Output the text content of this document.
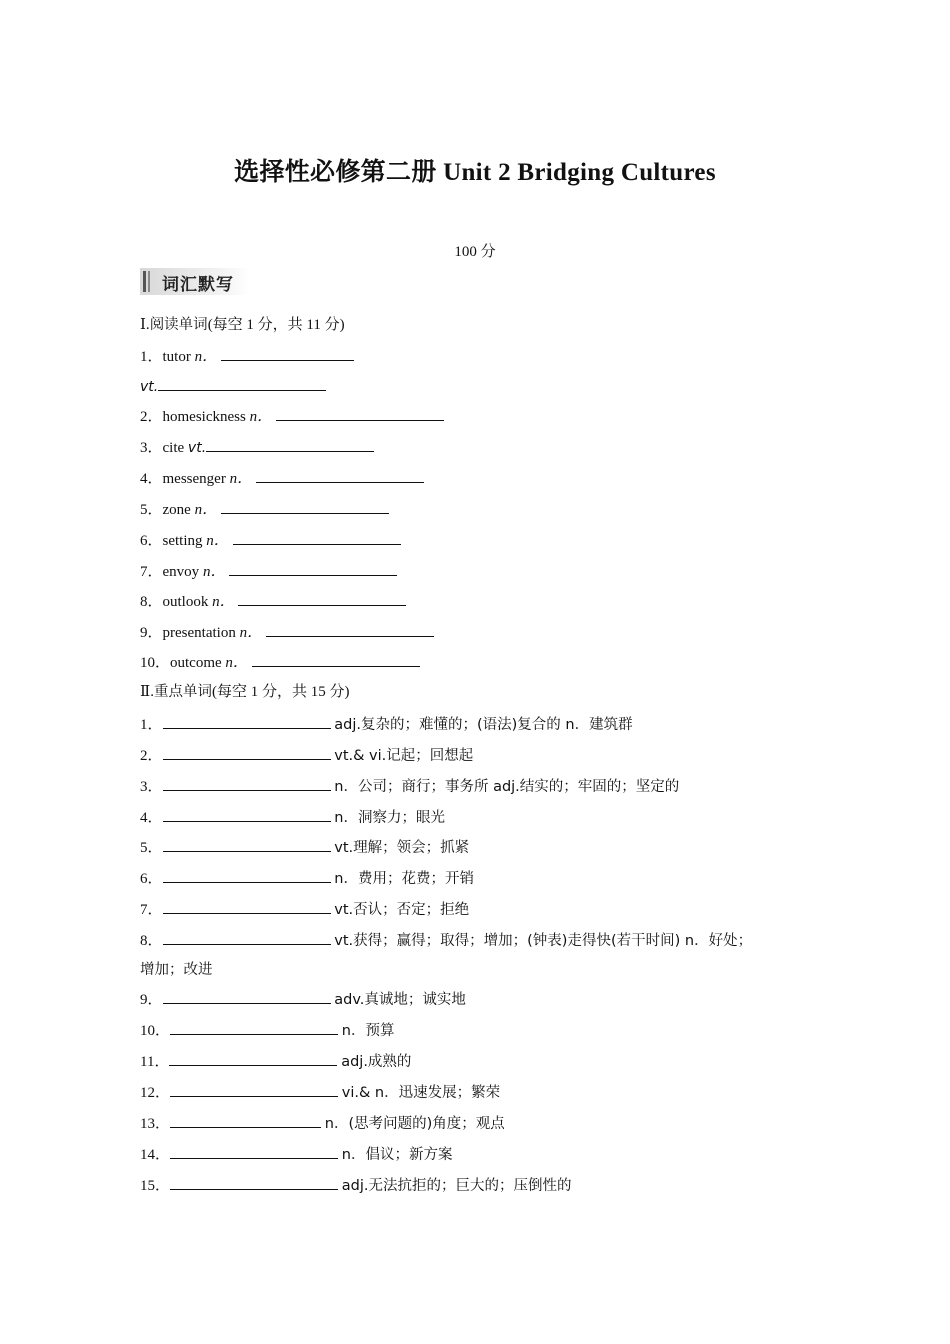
选择性必修第二册 Unit 2 Bridging Cultures
100 分
词汇默写
Ⅰ.阅读单词(每空 1 分，共 11 分)
1．tutor n．
vt.
2．homesickness n．
3．cite vt.
4．messenger n．
5．zone n．
6．setting n．
7．envoy n．
8．outlook n．
9．presentation n．
10．outcome n．
Ⅱ.重点单词(每空 1 分，共 15 分)
1．	adj.复杂的；难懂的；(语法)复合的 n．建筑群
2．	vt.& vi.记起；回想起
3．	n．公司；商行；事务所 adj.结实的；牢固的；坚定的
4．	n．洞察力；眼光
5．	vt.理解；领会；抓紧
6．	n．费用；花费；开销
7．	vt.否认；否定；拒绝
8．	vt.获得；赢得；取得；增加；(钟表)走得快(若干时间) n．好处；
增加；改进
9．	adv.真诚地；诚实地
10．	n．预算
11．	adj.成熟的
12．	vi.& n．迅速发展；繁荣
13．	n．(思考问题的)角度；观点
14．	n．倡议；新方案
15．	adj.无法抗拒的；巨大的；压倒性的
